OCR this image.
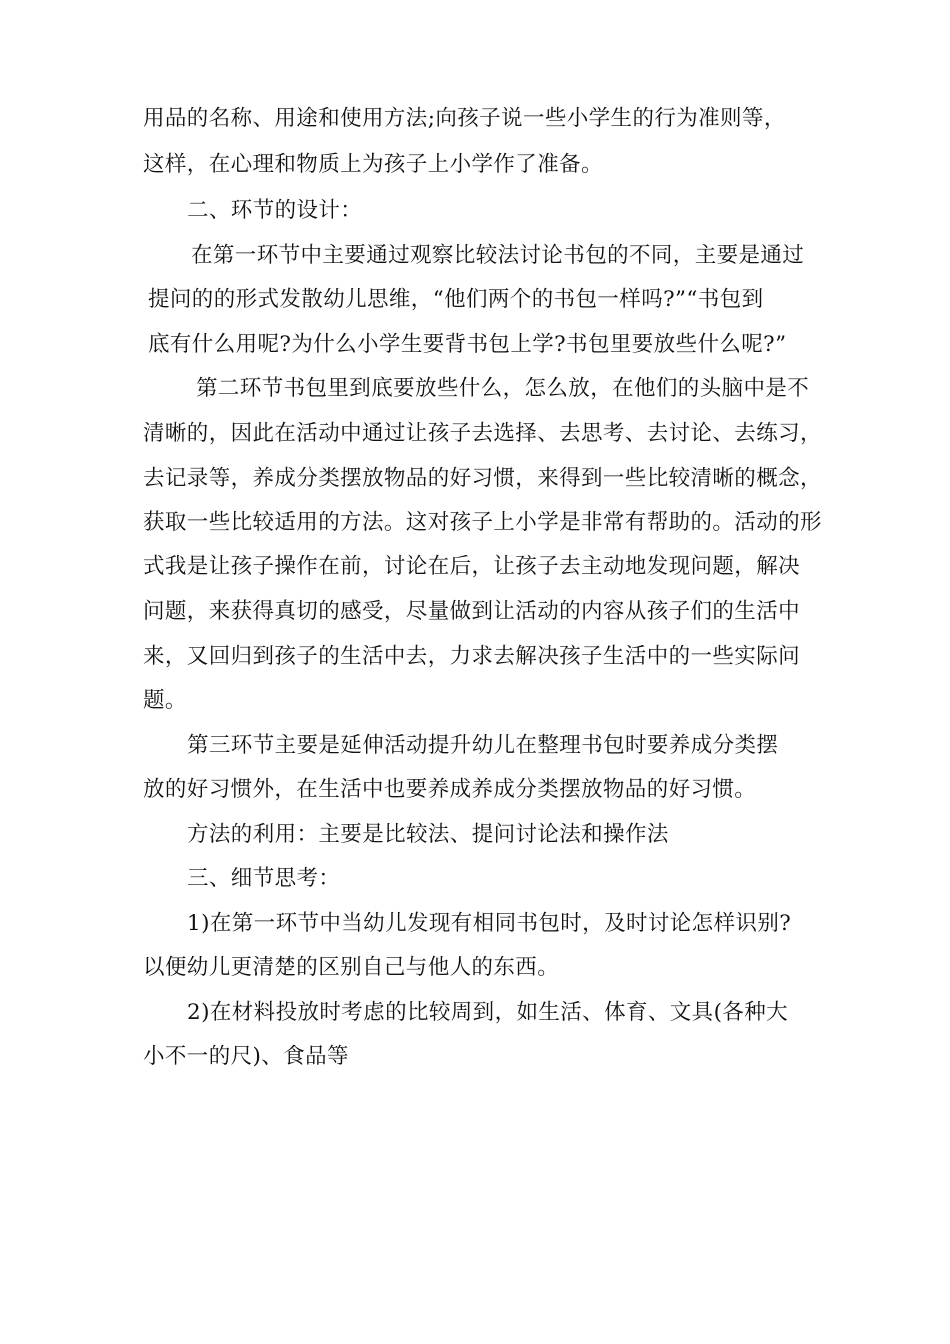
用品的名称、用途和使用方法;向孩子说一些小学生的行为准则等，
这样，在心理和物质上为孩子上小学作了准备。
二、环节的设计：
在第一环节中主要通过观察比较法讨论书包的不同，主要是通过
提问的的形式发散幼儿思维，“他们两个的书包一样吗?”“书包到
底有什么用呢?为什么小学生要背书包上学?书包里要放些什么呢?”
第二环节书包里到底要放些什么，怎么放，在他们的头脑中是不
清晰的，因此在活动中通过让孩子去选择、去思考、去讨论、去练习，
去记录等，养成分类摆放物品的好习惯，来得到一些比较清晰的概念，
获取一些比较适用的方法。这对孩子上小学是非常有帮助的。活动的形
式我是让孩子操作在前，讨论在后，让孩子去主动地发现问题，解决
问题，来获得真切的感受，尽量做到让活动的内容从孩子们的生活中
来，又回归到孩子的生活中去，力求去解决孩子生活中的一些实际问
题。
第三环节主要是延伸活动提升幼儿在整理书包时要养成分类摆
放的好习惯外，在生活中也要养成养成分类摆放物品的好习惯。
方法的利用：主要是比较法、提问讨论法和操作法
三、细节思考：
1)在第一环节中当幼儿发现有相同书包时，及时讨论怎样识别?
以便幼儿更清楚的区别自己与他人的东西。
2)在材料投放时考虑的比较周到，如生活、体育、文具(各种大
小不一的尺)、食品等
